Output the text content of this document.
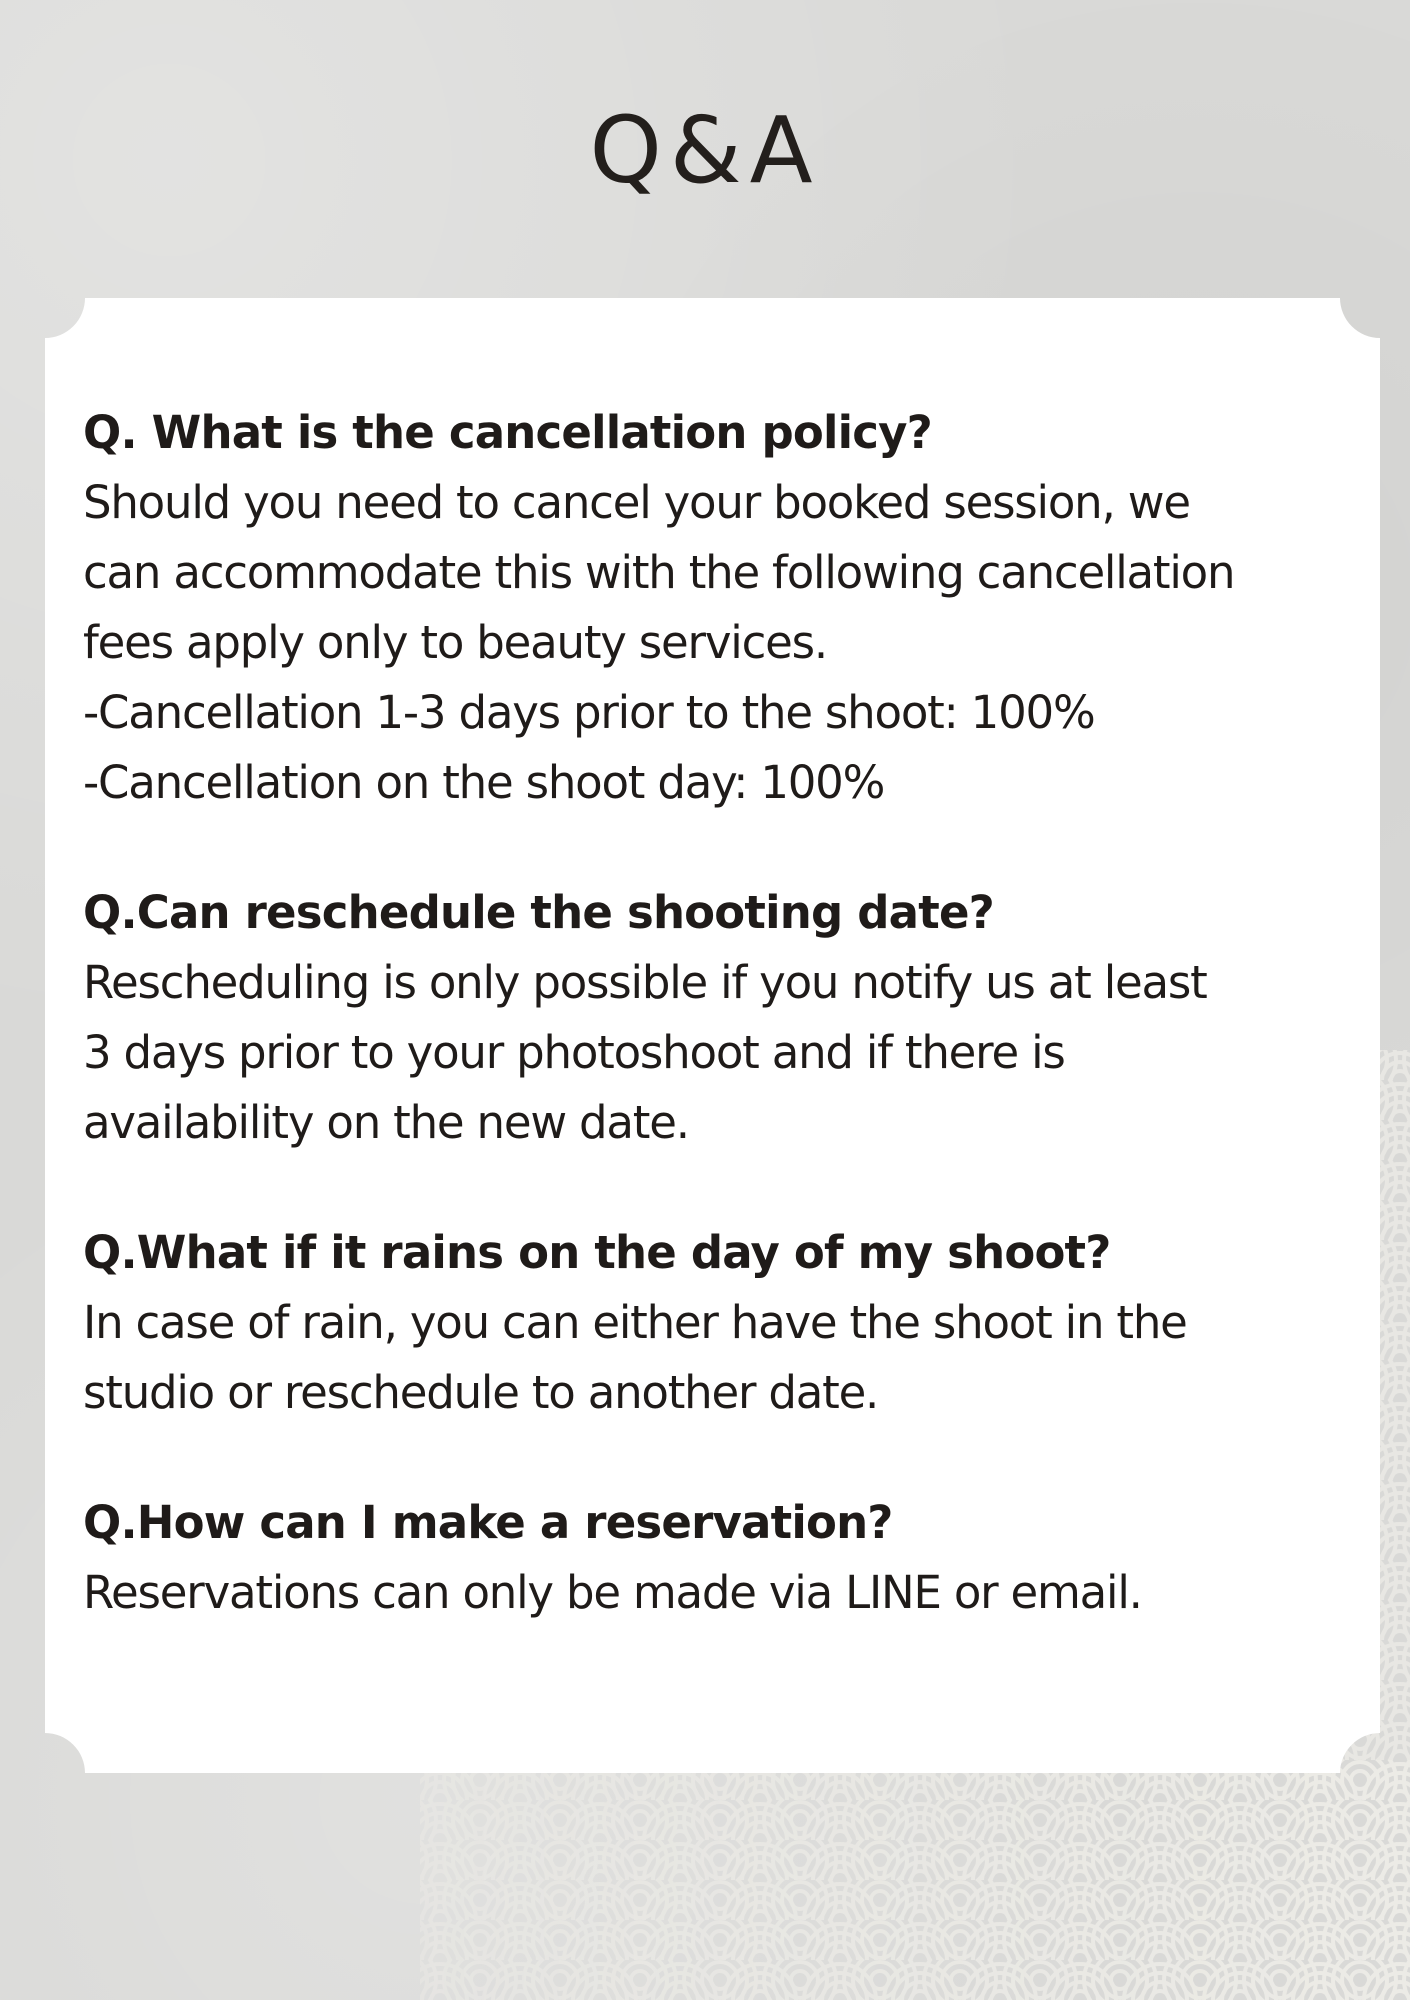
Q&A
Q. What is the cancellation policy?
Should you need to cancel your booked session, we
can accommodate this with the following cancellation
fees apply only to beauty services.
-Cancellation 1-3 days prior to the shoot: 100%
-Cancellation on the shoot day: 100%
Q.Can reschedule the shooting date?
Rescheduling is only possible if you notify us at least
3 days prior to your photoshoot and if there is
availability on the new date.
Q.What if it rains on the day of my shoot?
In case of rain, you can either have the shoot in the
studio or reschedule to another date.
Q.How can I make a reservation?
Reservations can only be made via LINE or email.
